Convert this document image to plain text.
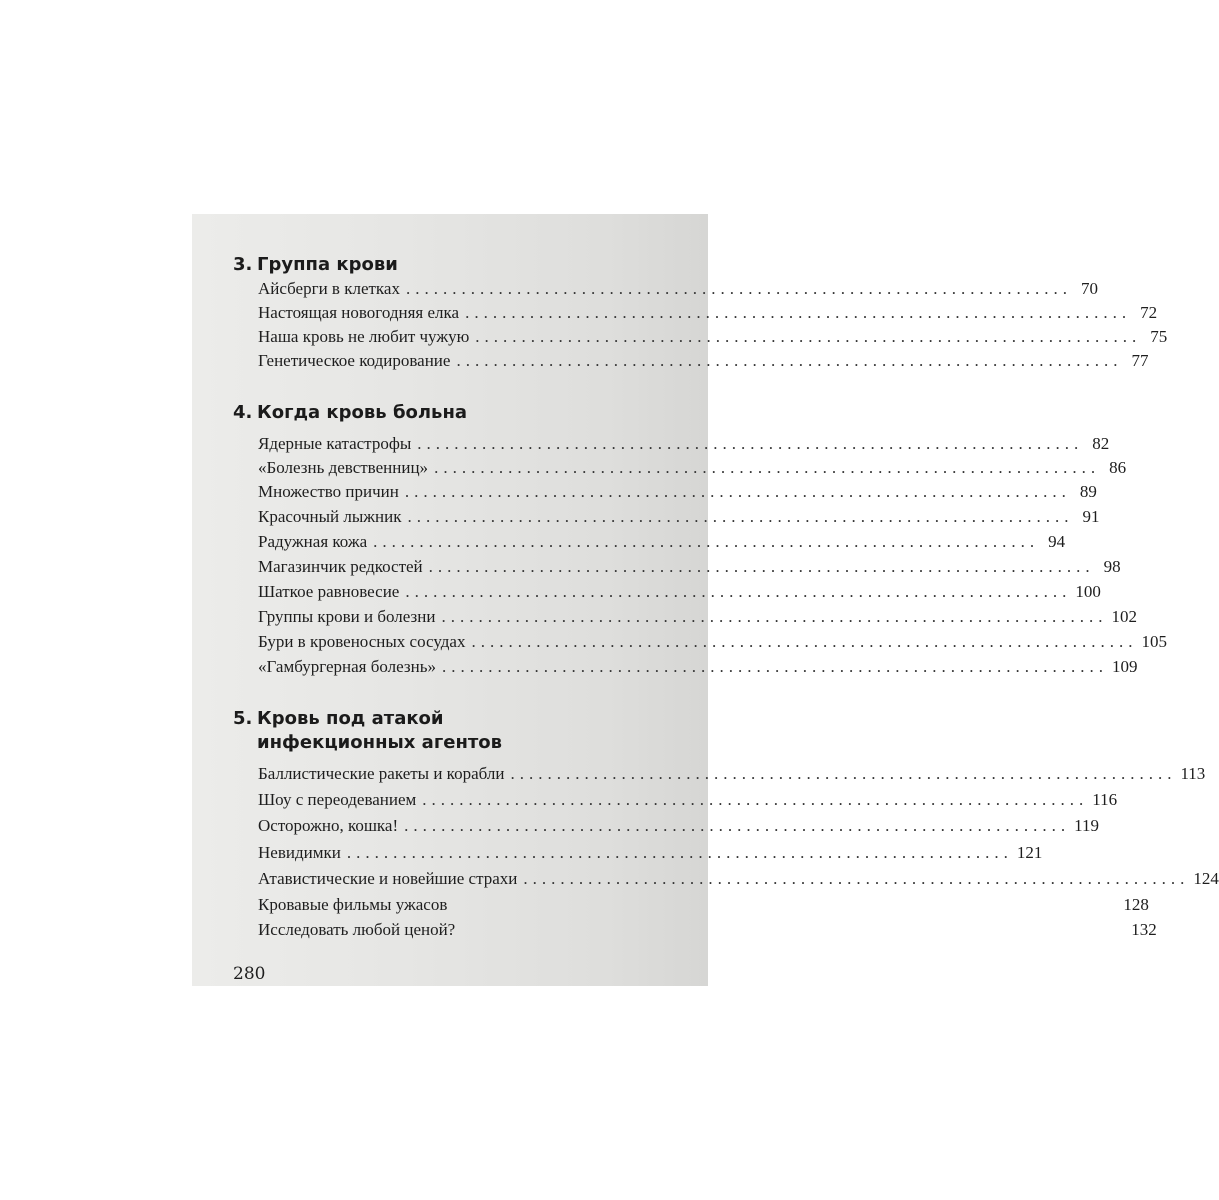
3. Группа крови
Айсберги в клетках ........................................................................ 70
Настоящая новогодняя елка ........................................................................ 72
Наша кровь не любит чужую ........................................................................ 75
Генетическое кодирование ........................................................................ 77
4. Когда кровь больна
Ядерные катастрофы ........................................................................ 82
«Болезнь девственниц» ........................................................................ 86
Множество причин ........................................................................ 89
Красочный лыжник ........................................................................ 91
Радужная кожа ........................................................................ 94
Магазинчик редкостей ........................................................................ 98
Шаткое равновесие ........................................................................ 100
Группы крови и болезни ........................................................................ 102
Бури в кровеносных сосудах ........................................................................ 105
«Гамбургерная болезнь» ........................................................................ 109
5. Кровь под атакой
инфекционных агентов
Баллистические ракеты и корабли ........................................................................ 113
Шоу с переодеванием ........................................................................ 116
Осторожно, кошка! ........................................................................ 119
Невидимки ........................................................................ 121
Атавистические и новейшие страхи ........................................................................ 124
Кровавые фильмы ужасов	128
Исследовать любой ценой?	132
280
